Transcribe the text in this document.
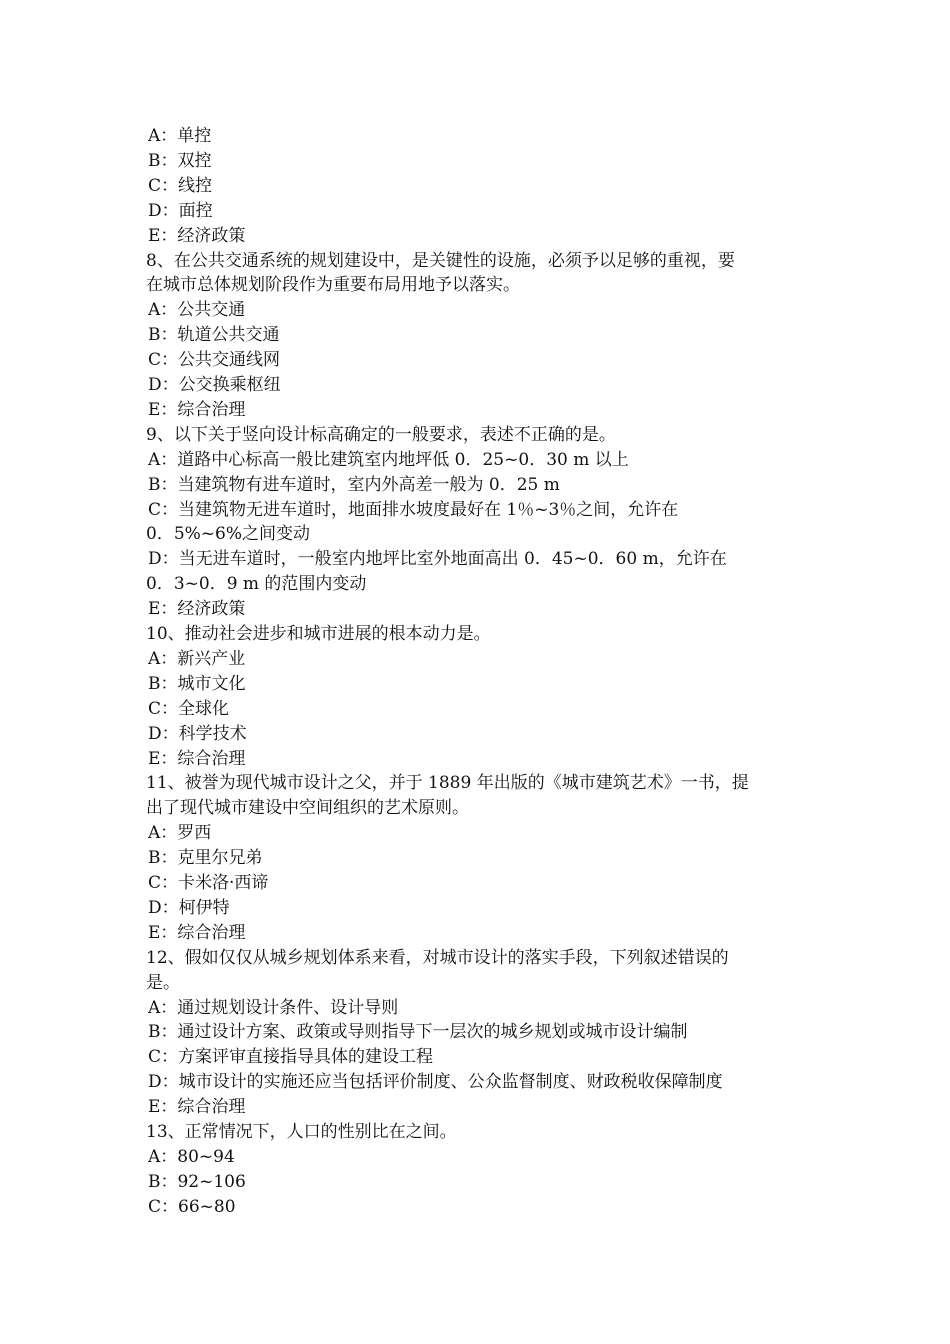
A：单控
B：双控
C：线控
D：面控
E：经济政策
8、在公共交通系统的规划建设中，是关键性的设施，必须予以足够的重视，要
在城市总体规划阶段作为重要布局用地予以落实。
A：公共交通
B：轨道公共交通
C：公共交通线网
D：公交换乘枢纽
E：综合治理
9、以下关于竖向设计标高确定的一般要求，表述不正确的是。
A：道路中心标高一般比建筑室内地坪低 0．25~0．30 m 以上
B：当建筑物有进车道时，室内外高差一般为 0．25 m
C：当建筑物无进车道时，地面排水坡度最好在 1％~3％之间，允许在
0．5%~6%之间变动
D：当无进车道时，一般室内地坪比室外地面高出 0．45~0．60 m，允许在
0．3~0．9 m 的范围内变动
E：经济政策
10、推动社会进步和城市进展的根本动力是。
A：新兴产业
B：城市文化
C：全球化
D：科学技术
E：综合治理
11、被誉为现代城市设计之父，并于 1889 年出版的《城市建筑艺术》一书，提
出了现代城市建设中空间组织的艺术原则。
A：罗西
B：克里尔兄弟
C：卡米洛·西谛
D：柯伊特
E：综合治理
12、假如仅仅从城乡规划体系来看，对城市设计的落实手段，下列叙述错误的
是。
A：通过规划设计条件、设计导则
B：通过设计方案、政策或导则指导下一层次的城乡规划或城市设计编制
C：方案评审直接指导具体的建设工程
D：城市设计的实施还应当包括评价制度、公众监督制度、财政税收保障制度
E：综合治理
13、正常情况下，人口的性别比在之间。
A：80~94
B：92~106
C：66~80
